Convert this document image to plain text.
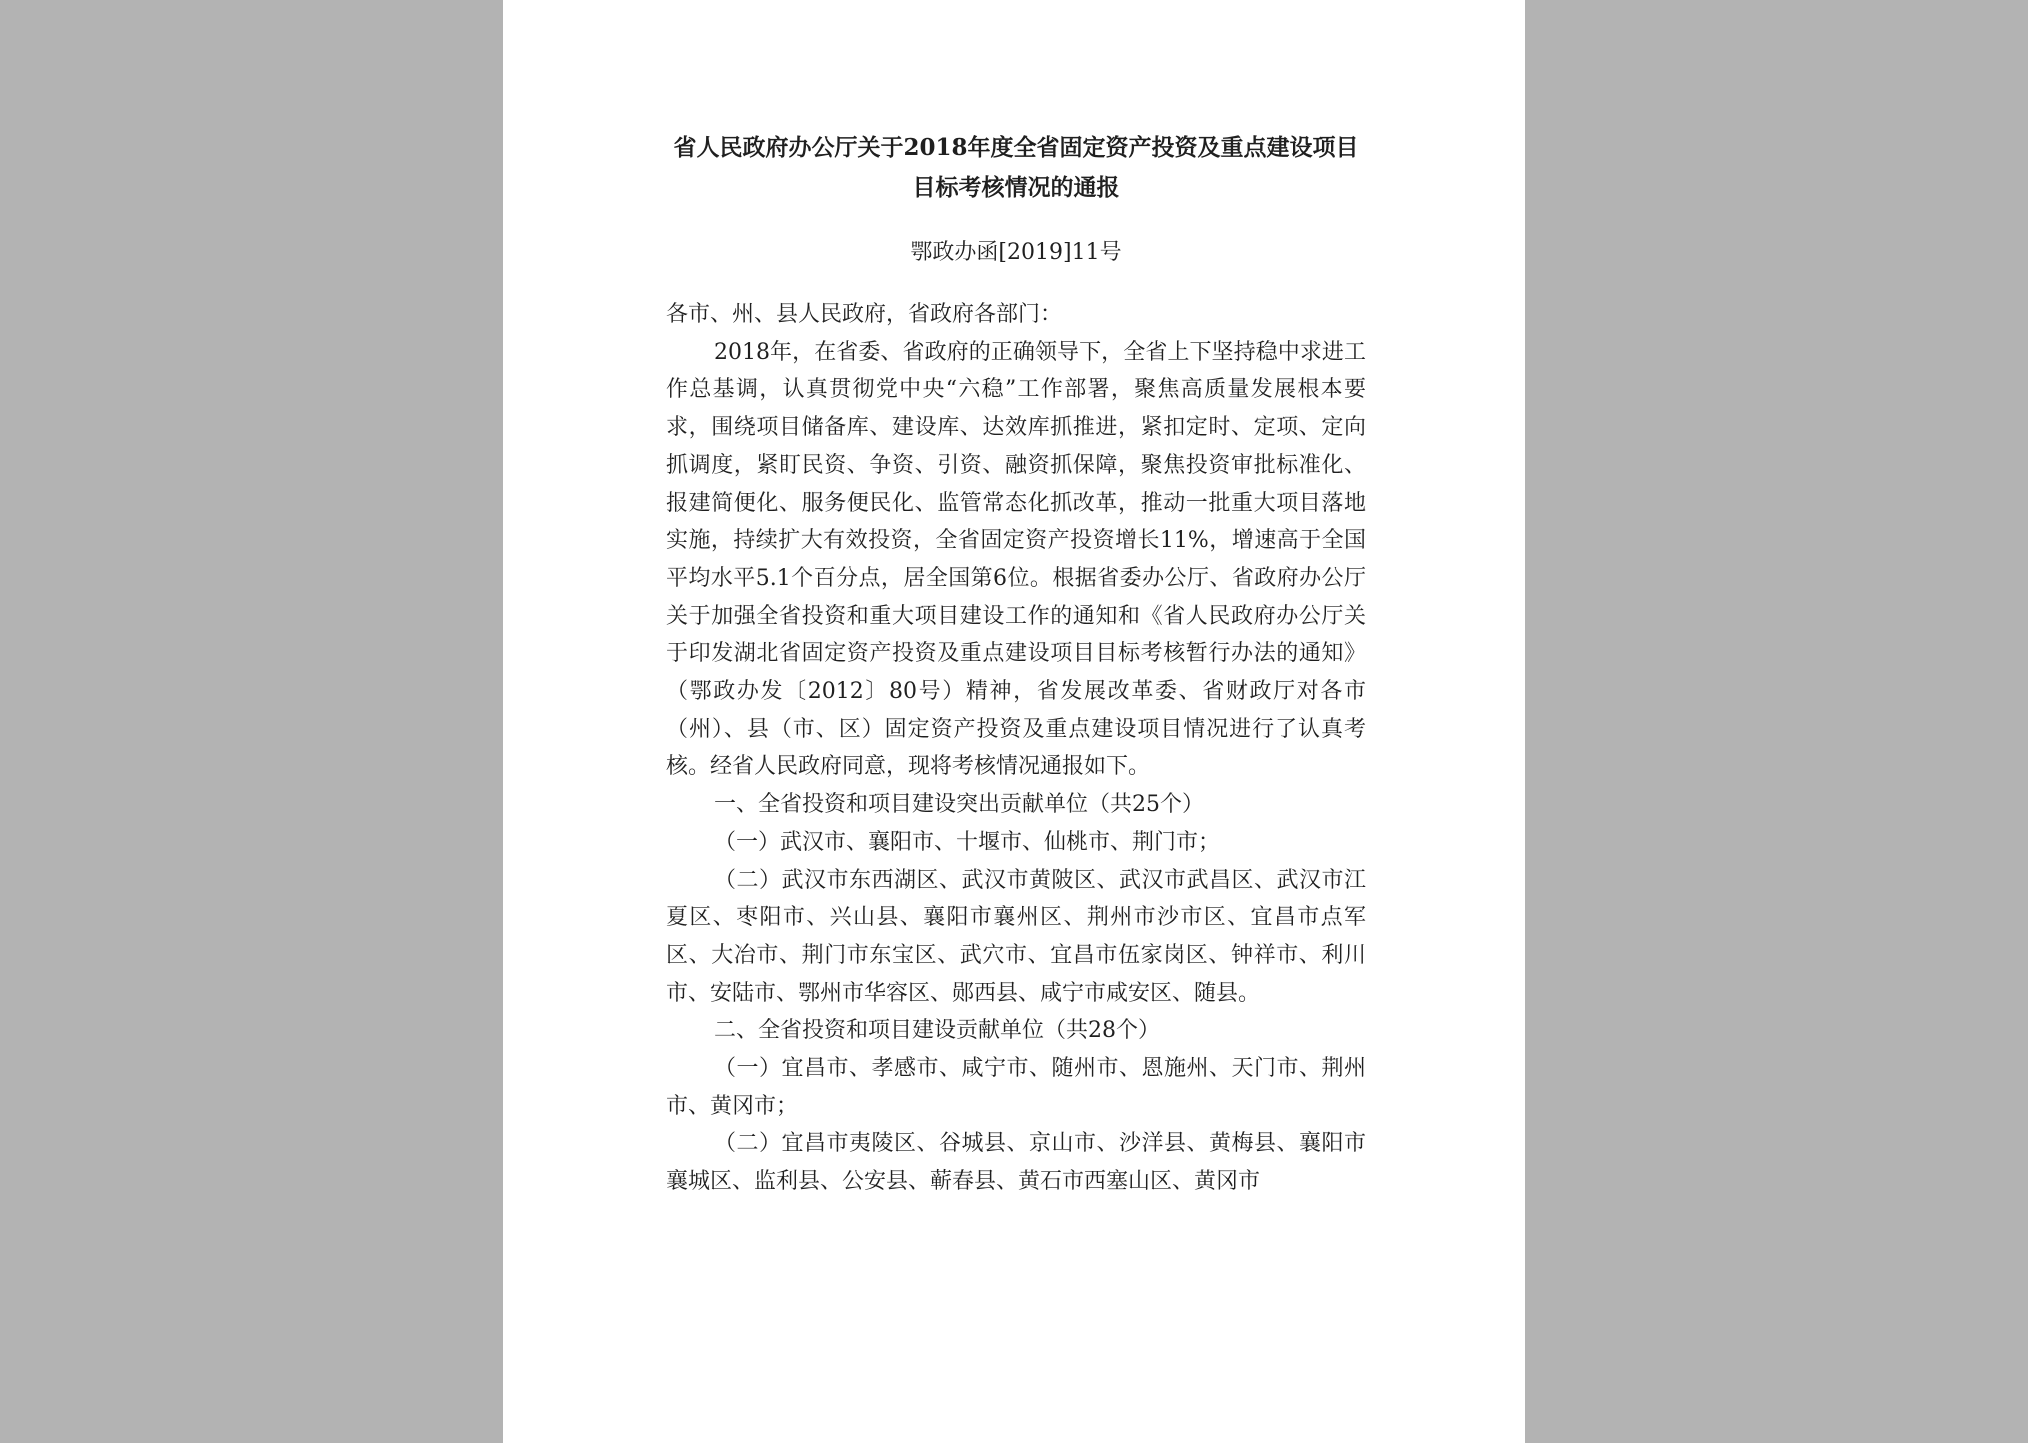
省人民政府办公厅关于2018年度全省固定资产投资及重点建设项目目标考核情况的通报

鄂政办函[2019]11号

各市、州、县人民政府，省政府各部门：

2018年，在省委、省政府的正确领导下，全省上下坚持稳中求进工作总基调，认真贯彻党中央“六稳”工作部署，聚焦高质量发展根本要求，围绕项目储备库、建设库、达效库抓推进，紧扣定时、定项、定向抓调度，紧盯民资、争资、引资、融资抓保障，聚焦投资审批标准化、报建简便化、服务便民化、监管常态化抓改革，推动一批重大项目落地实施，持续扩大有效投资，全省固定资产投资增长11%，增速高于全国平均水平5.1个百分点，居全国第6位。根据省委办公厅、省政府办公厅关于加强全省投资和重大项目建设工作的通知和《省人民政府办公厅关于印发湖北省固定资产投资及重点建设项目目标考核暂行办法的通知》（鄂政办发〔2012〕80号）精神，省发展改革委、省财政厅对各市（州）、县（市、区）固定资产投资及重点建设项目情况进行了认真考核。经省人民政府同意，现将考核情况通报如下。

一、全省投资和项目建设突出贡献单位（共25个）

（一）武汉市、襄阳市、十堰市、仙桃市、荆门市；

（二）武汉市东西湖区、武汉市黄陂区、武汉市武昌区、武汉市江夏区、枣阳市、兴山县、襄阳市襄州区、荆州市沙市区、宜昌市点军区、大冶市、荆门市东宝区、武穴市、宜昌市伍家岗区、钟祥市、利川市、安陆市、鄂州市华容区、郧西县、咸宁市咸安区、随县。

二、全省投资和项目建设贡献单位（共28个）

（一）宜昌市、孝感市、咸宁市、随州市、恩施州、天门市、荆州市、黄冈市；

（二）宜昌市夷陵区、谷城县、京山市、沙洋县、黄梅县、襄阳市襄城区、监利县、公安县、蕲春县、黄石市西塞山区、黄冈市
